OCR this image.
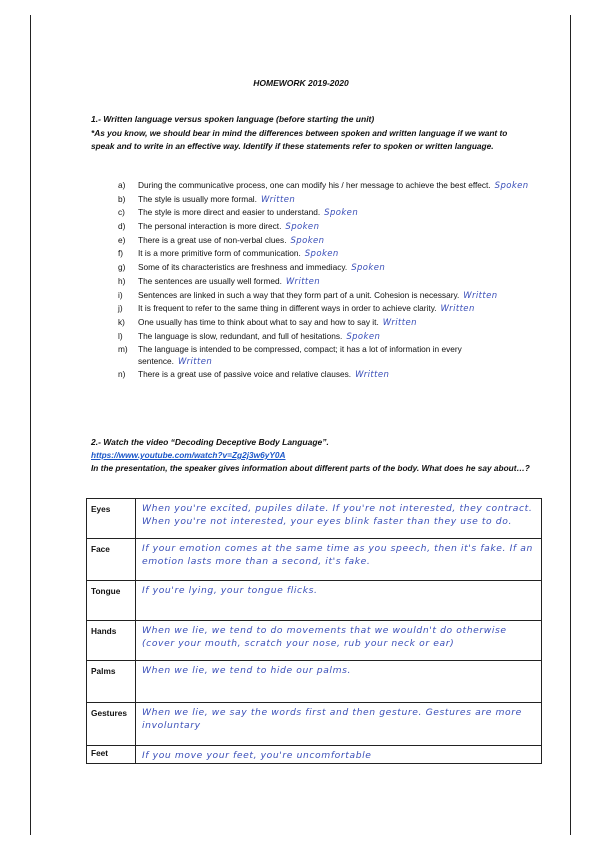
HOMEWORK 2019-2020
1.- Written language versus spoken language (before starting the unit)
*As you know, we should bear in mind the differences between spoken and written language if we want to speak and to write in an effective way. Identify if these statements refer to spoken or written language.
a) During the communicative process, one can modify his / her message to achieve the best effect. Spoken
b) The style is usually more formal. Written
c) The style is more direct and easier to understand. Spoken
d) The personal interaction is more direct. Spoken
e) There is a great use of non-verbal clues. Spoken
f) It is a more primitive form of communication. Spoken
g) Some of its characteristics are freshness and immediacy. Spoken
h) The sentences are usually well formed. Written
i) Sentences are linked in such a way that they form part of a unit. Cohesion is necessary. Written
j) It is frequent to refer to the same thing in different ways in order to achieve clarity. Written
k) One usually has time to think about what to say and how to say it. Written
l) The language is slow, redundant, and full of hesitations. Spoken
m) The language is intended to be compressed, compact; it has a lot of information in every sentence. Written
n) There is a great use of passive voice and relative clauses. Written
2.- Watch the video “Decoding Deceptive Body Language”.
https://www.youtube.com/watch?v=Zg2j3w6yY0A
In the presentation, the speaker gives information about different parts of the body. What does he say about…?
Eyes	When you're excited, pupiles dilate. If you're not interested, they contract. When you're not interested, your eyes blink faster than they use to do.

Face	If your emotion comes at the same time as you speech, then it's fake. If an emotion lasts more than a second, it's fake.

Tongue	If you're lying, your tongue flicks.

Hands	When we lie, we tend to do movements that we wouldn't do otherwise (cover your mouth, scratch your nose, rub your neck or ear)

Palms	When we lie, we tend to hide our palms.

Gestures	When we lie, we say the words first and then gesture. Gestures are more involuntary

Feet	If you move your feet, you're uncomfortable
